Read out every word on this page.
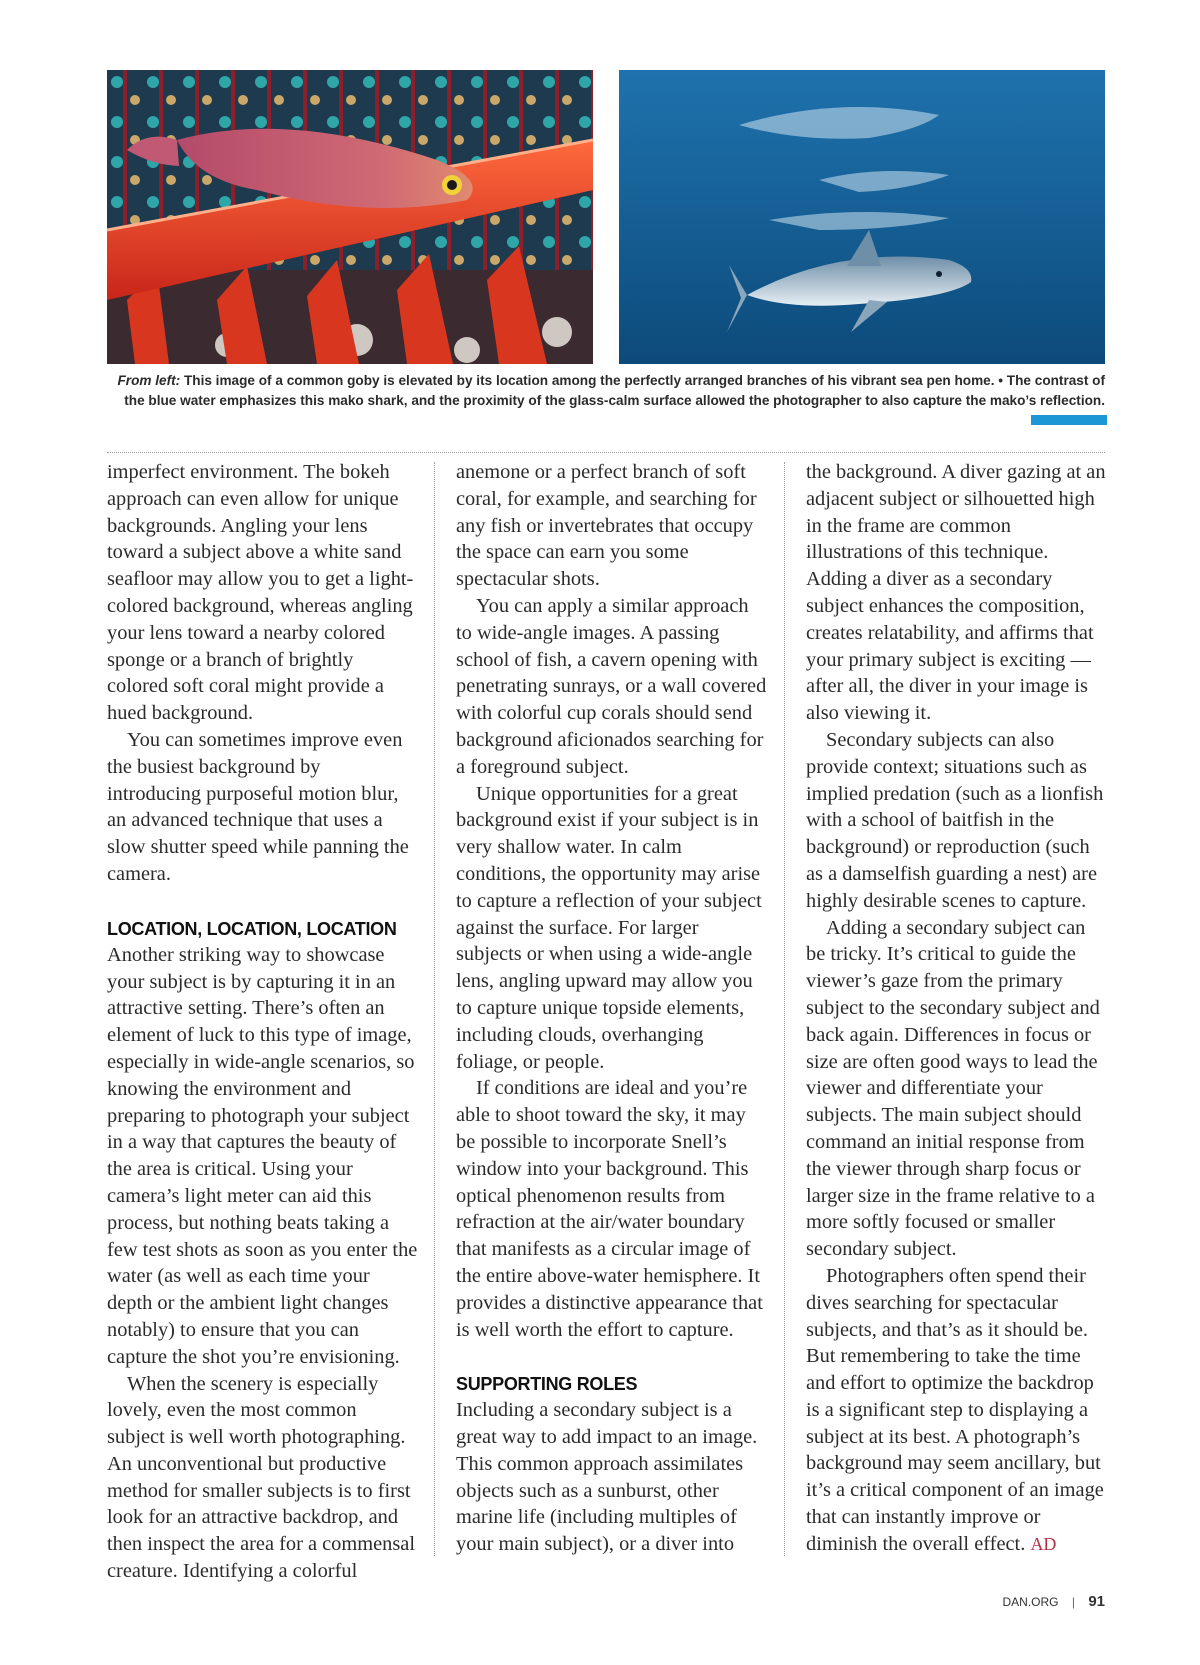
From left: This image of a common goby is elevated by its location among the perfectly arranged branches of his vibrant sea pen home. • The contrast of the blue water emphasizes this mako shark, and the proximity of the glass-calm surface allowed the photographer to also capture the mako’s reflection.

imperfect environment. The bokeh approach can even allow for unique backgrounds. Angling your lens toward a subject above a white sand seafloor may allow you to get a light-colored background, whereas angling your lens toward a nearby colored sponge or a branch of brightly colored soft coral might provide a hued background.

You can sometimes improve even the busiest background by introducing purposeful motion blur, an advanced technique that uses a slow shutter speed while panning the camera.

LOCATION, LOCATION, LOCATION

Another striking way to showcase your subject is by capturing it in an attractive setting. There’s often an element of luck to this type of image, especially in wide-angle scenarios, so knowing the environment and preparing to photograph your subject in a way that captures the beauty of the area is critical. Using your camera’s light meter can aid this process, but nothing beats taking a few test shots as soon as you enter the water (as well as each time your depth or the ambient light changes notably) to ensure that you can capture the shot you’re envisioning.

When the scenery is especially lovely, even the most common subject is well worth photographing. An unconventional but productive method for smaller subjects is to first look for an attractive backdrop, and then inspect the area for a commensal creature. Identifying a colorful

anemone or a perfect branch of soft coral, for example, and searching for any fish or invertebrates that occupy the space can earn you some spectacular shots.

You can apply a similar approach to wide-angle images. A passing school of fish, a cavern opening with penetrating sunrays, or a wall covered with colorful cup corals should send background aficionados searching for a foreground subject.

Unique opportunities for a great background exist if your subject is in very shallow water. In calm conditions, the opportunity may arise to capture a reflection of your subject against the surface. For larger subjects or when using a wide-angle lens, angling upward may allow you to capture unique topside elements, including clouds, overhanging foliage, or people.

If conditions are ideal and you’re able to shoot toward the sky, it may be possible to incorporate Snell’s window into your background. This optical phenomenon results from refraction at the air/water boundary that manifests as a circular image of the entire above-water hemisphere. It provides a distinctive appearance that is well worth the effort to capture.

SUPPORTING ROLES

Including a secondary subject is a great way to add impact to an image. This common approach assimilates objects such as a sunburst, other marine life (including multiples of your main subject), or a diver into

the background. A diver gazing at an adjacent subject or silhouetted high in the frame are common illustrations of this technique. Adding a diver as a secondary subject enhances the composition, creates relatability, and affirms that your primary subject is exciting — after all, the diver in your image is also viewing it.

Secondary subjects can also provide context; situations such as implied predation (such as a lionfish with a school of baitfish in the background) or reproduction (such as a damselfish guarding a nest) are highly desirable scenes to capture.

Adding a secondary subject can be tricky. It’s critical to guide the viewer’s gaze from the primary subject to the secondary subject and back again. Differences in focus or size are often good ways to lead the viewer and differentiate your subjects. The main subject should command an initial response from the viewer through sharp focus or larger size in the frame relative to a more softly focused or smaller secondary subject.

Photographers often spend their dives searching for spectacular subjects, and that’s as it should be. But remembering to take the time and effort to optimize the backdrop is a significant step to displaying a subject at its best. A photograph’s background may seem ancillary, but it’s a critical component of an image that can instantly improve or diminish the overall effect. AD

DAN.ORG | 91
